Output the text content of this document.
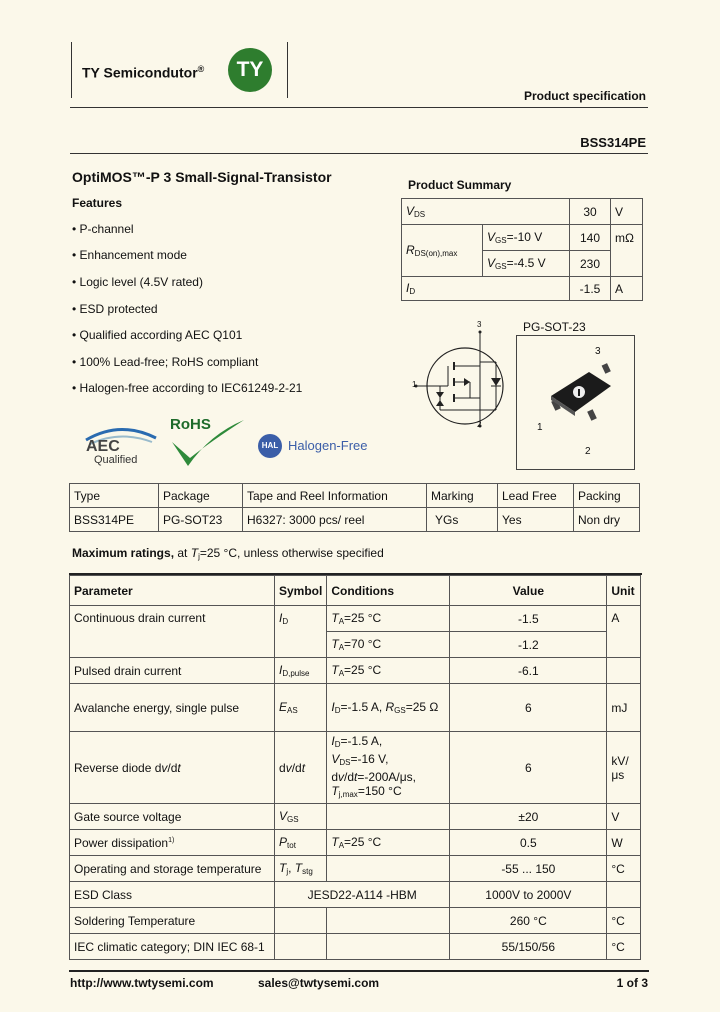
TY Semicondutor®	TY
Product specification
BSS314PE
OptiMOS™-P 3 Small-Signal-Transistor
Features
• P-channel
• Enhancement mode
• Logic level (4.5V rated)
• ESD protected
• Qualified according AEC Q101
• 100% Lead-free; RoHS compliant
• Halogen-free according to IEC61249-2-21
AEC
Qualified
RoHS
HAL Halogen-Free
Product Summary
$V_{DS}$		30	V
$R_{DS(on),max}$	$V_{GS}=-10$ V	140	mΩ
	$V_{GS}=-4.5$ V	230	
$I_D$		-1.5	A
3
1
2
PG-SOT-23
3
1
2
Type	Package	Tape and Reel Information	Marking	Lead Free	Packing
BSS314PE	PG-SOT23	H6327: 3000 pcs/ reel	YGs	Yes	Non dry
Maximum ratings, at $T_j=25$ °C, unless otherwise specified
Parameter	Symbol	Conditions	Value	Unit
Continuous drain current	$I_D$	$T_A=25$ °C	-1.5	A
		$T_A=70$ °C	-1.2	
Pulsed drain current	$I_{D,pulse}$	$T_A=25$ °C	-6.1	
Avalanche energy, single pulse	$E_{AS}$	$I_D=-1.5$ A, $R_{GS}=25$ Ω	6	mJ
Reverse diode dv/dt	dv/dt	$I_D=-1.5$ A,
$V_{DS}=-16$ V,
dv/dt=-200A/μs,
$T_{j,max}=150$ °C	6	kV/μs
Gate source voltage	$V_{GS}$		±20	V
Power dissipation$^{1)}$	$P_{tot}$	$T_A=25$ °C	0.5	W
Operating and storage temperature	$T_j$, $T_{stg}$		-55 ... 150	°C
ESD Class	JESD22-A114 -HBM		1000V to 2000V	
Soldering Temperature			260 °C	°C
IEC climatic category; DIN IEC 68-1			55/150/56	°C
http://www.twtysemi.com	sales@twtysemi.com	1 of 3
